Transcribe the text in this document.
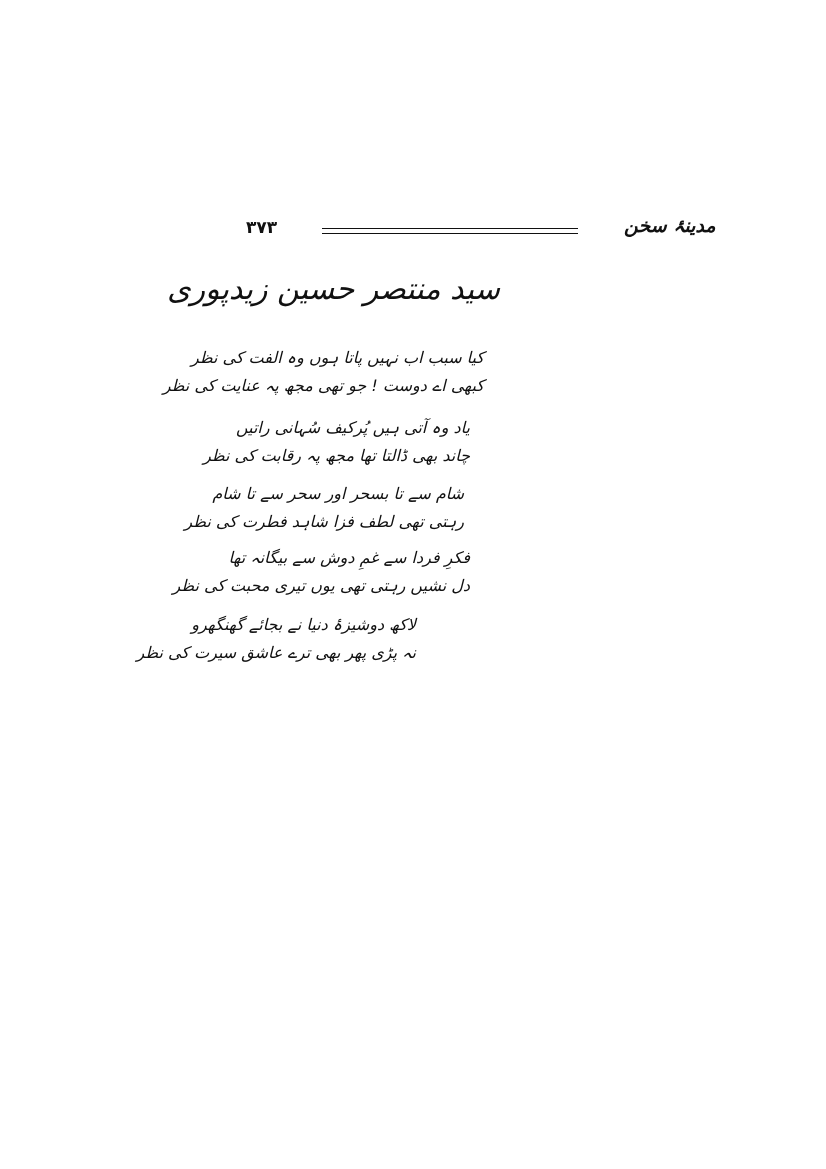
۳۷۳	مدینۂ سخن
سید منتصر حسین زیدپوری
کیا سبب اب نہیں پاتا ہوں وہ الفت کی نظر
کبھی اے دوست ! جو تھی مجھ پہ عنایت کی نظر
یاد وہ آتی ہیں پُرکیف سُہانی راتیں
چاند بھی ڈالتا تھا مجھ پہ رقابت کی نظر
شام سے تا بسحر اور سحر سے تا شام
رہتی تھی لطف فزا شاہد فطرت کی نظر
فکرِ فردا سے غمِ دوش سے بیگانہ تھا
دل نشیں رہتی تھی یوں تیری محبت کی نظر
لاکھ دوشیزۂ دنیا نے بجائے گھنگھرو
نہ پڑی پھر بھی ترے عاشق سیرت کی نظر
